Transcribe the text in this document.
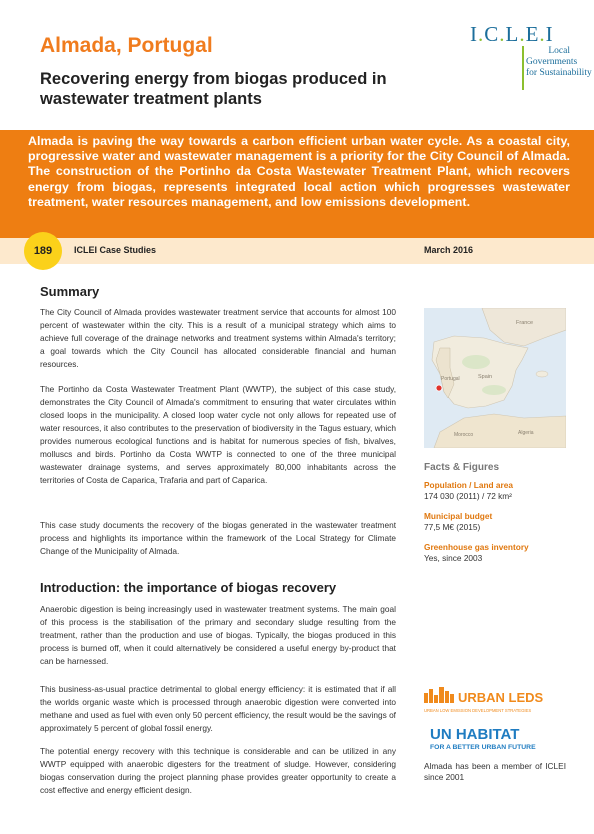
Almada, Portugal
Recovering energy from biogas produced in wastewater treatment plants
I.C.L.E.I
Local
Governments
for Sustainability
Almada is paving the way towards a carbon efficient urban water cycle. As a coastal city, progressive water and wastewater management is a priority for the City Council of Almada. The construction of the Portinho da Costa Wastewater Treatment Plant, which recovers energy from biogas, represents integrated local action which progresses wastewater treatment, water resources management, and low emissions development.
189	ICLEI Case Studies	March 2016
Summary
The City Council of Almada provides wastewater treatment service that accounts for almost 100 percent of wastewater within the city. This is a result of a municipal strategy which aims to achieve full coverage of the drainage networks and treatment systems within Almada's territory; a goal towards which the City Council has allocated considerable financial and human resources.
The Portinho da Costa Wastewater Treatment Plant (WWTP), the subject of this case study, demonstrates the City Council of Almada's commitment to ensuring that water circulates within closed loops in the municipality. A closed loop water cycle not only allows for repeated use of water resources, it also contributes to the preservation of biodiversity in the Tagus estuary, which provides numerous ecological functions and is habitat for numerous species of fish, bivalves, molluscs and birds. Portinho da Costa WWTP is connected to one of the three municipal wastewater drainage systems, and serves approximately 80,000 inhabitants across the territories of Costa de Caparica, Trafaria and part of Caparica.
This case study documents the recovery of the biogas generated in the wastewater treatment process and highlights its importance within the framework of the Local Strategy for Climate Change of the Municipality of Almada.
Introduction: the importance of biogas recovery
Anaerobic digestion is being increasingly used in wastewater treatment systems. The main goal of this process is the stabilisation of the primary and secondary sludge resulting from the treatment, rather than the production and use of biogas. Typically, the biogas produced in this process is burned off, when it could alternatively be considered a useful energy by-product that can be harnessed.
This business-as-usual practice detrimental to global energy efficiency: it is estimated that if all the worlds organic waste which is processed through anaerobic digestion were converted into methane and used as fuel with even only 50 percent efficiency, the result would be the savings of approximately 5 percent of global fossil energy.
The potential energy recovery with this technique is considerable and can be utilized in any WWTP equipped with anaerobic digesters for the treatment of sludge. However, considering biogas conservation during the project planning phase provides greater opportunity to create a cost effective and energy efficient design.
Portugal	Spain
France
Morocco	Algeria
Facts & Figures
Population / Land area
174 030 (2011) / 72 km²
Municipal budget
77,5 M€ (2015)
Greenhouse gas inventory
Yes, since 2003
URBAN LEDS
URBAN LOW EMISSION DEVELOPMENT STRATEGIES
UN HABITAT
FOR A BETTER URBAN FUTURE
Almada has been a member of ICLEI since 2001
